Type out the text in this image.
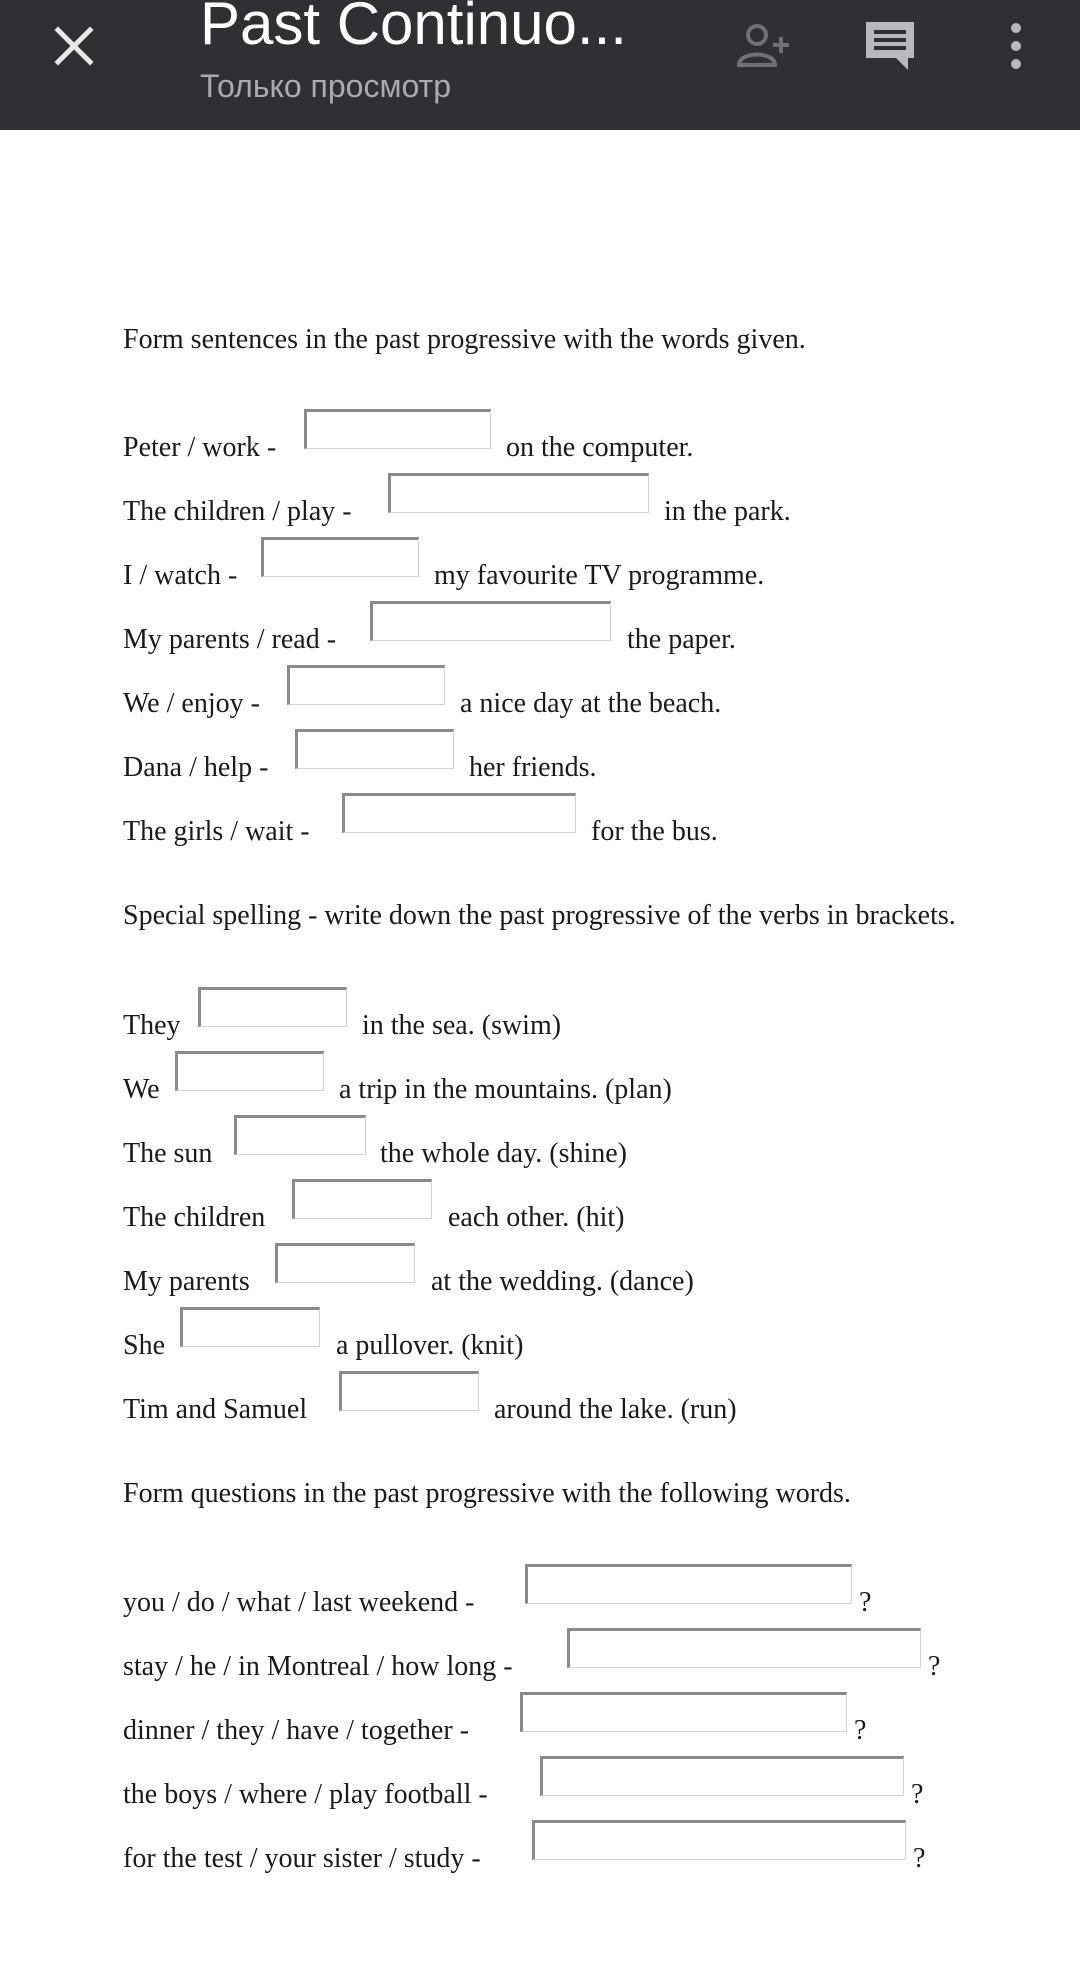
Past Continuo...
Только просмотр
Form sentences in the past progressive with the words given.
Peter / work -	on the computer.
The children / play -	in the park.
I / watch -	my favourite TV programme.
My parents / read -	the paper.
We / enjoy -	a nice day at the beach.
Dana / help -	her friends.
The girls / wait -	for the bus.
Special spelling - write down the past progressive of the verbs in brackets.
They	in the sea. (swim)
We	a trip in the mountains. (plan)
The sun	the whole day. (shine)
The children	each other. (hit)
My parents	at the wedding. (dance)
She	a pullover. (knit)
Tim and Samuel	around the lake. (run)
Form questions in the past progressive with the following words.
you / do / what / last weekend -	?
stay / he / in Montreal / how long -	?
dinner / they / have / together -	?
the boys / where / play football -	?
for the test / your sister / study -	?
